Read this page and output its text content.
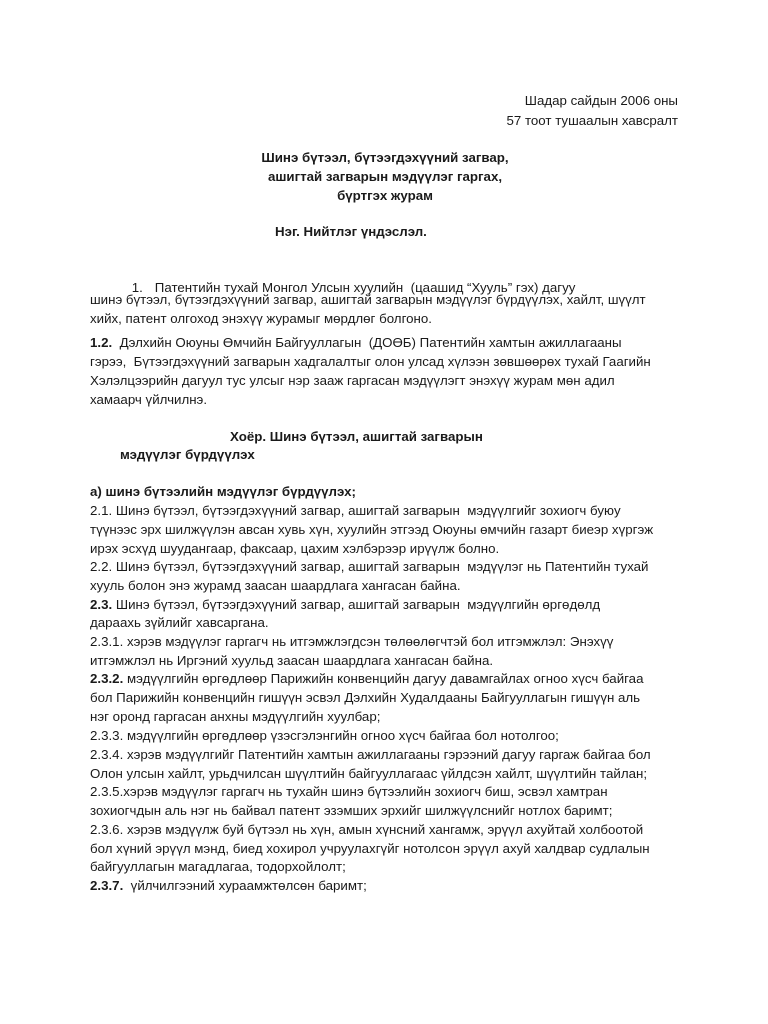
Шадар сайдын 2006 оны
57 тоот тушаалын хавсралт
Шинэ бүтээл, бүтээгдэхүүний загвар,
ашигтай загварын мэдүүлэг гаргах,
бүртгэх журам
Нэг. Нийтлэг үндэслэл.

1. Патентийн тухай Монгол Улсын хуулийн  (цаашид “Хууль” гэх) дагуу

шинэ бүтээл, бүтээгдэхүүний загвар, ашигтай загварын мэдүүлэг бүрдүүлэх, хайлт, шүүлт
хийх, патент олгоход энэхүү журамыг мөрдлөг болгоно.
1.2.  Дэлхийн Оюуны Өмчийн Байгууллагын  (ДОӨБ) Патентийн хамтын ажиллагааны
гэрээ,  Бүтээгдэхүүний загварын хадгалалтыг олон улсад хүлээн зөвшөөрөх тухай Гаагийн
Хэлэлцээрийн дагуул тус улсыг нэр зааж гаргасан мэдүүлэгт энэхүү журам мөн адил
хамаарч үйлчилнэ.
Хоёр. Шинэ бүтээл, ашигтай загварын
мэдүүлэг бүрдүүлэх
а) шинэ бүтээлийн мэдүүлэг бүрдүүлэх;
2.1. Шинэ бүтээл, бүтээгдэхүүний загвар, ашигтай загварын  мэдүүлгийг зохиогч буюу
түүнээс эрх шилжүүлэн авсан хувь хүн, хуулийн этгээд Оюуны өмчийн газарт биеэр хүргэж
ирэх эсхүд шуудангаар, факсаар, цахим хэлбэрээр ирүүлж болно.
2.2. Шинэ бүтээл, бүтээгдэхүүний загвар, ашигтай загварын  мэдүүлэг нь Патентийн тухай
хууль болон энэ журамд заасан шаардлага хангасан байна.
2.3. Шинэ бүтээл, бүтээгдэхүүний загвар, ашигтай загварын  мэдүүлгийн өргөдөлд
дараахь зүйлийг хавсаргана.
2.3.1. хэрэв мэдүүлэг гаргагч нь итгэмжлэгдсэн төлөөлөгчтэй бол итгэмжлэл: Энэхүү
итгэмжлэл нь Иргэний хуульд заасан шаардлага хангасан байна.
2.3.2. мэдүүлгийн өргөдлөөр Парижийн конвенцийн дагуу давамгайлах огноо хүсч байгаа
бол Парижийн конвенцийн гишүүн эсвэл Дэлхийн Худалдааны Байгууллагын гишүүн аль
нэг оронд гаргасан анхны мэдүүлгийн хуулбар;
2.3.3. мэдүүлгийн өргөдлөөр үзэсгэлэнгийн огноо хүсч байгаа бол нотолгоо;
2.3.4. хэрэв мэдүүлгийг Патентийн хамтын ажиллагааны гэрээний дагуу гаргаж байгаа бол
Олон улсын хайлт, урьдчилсан шүүлтийн байгууллагаас үйлдсэн хайлт, шүүлтийн тайлан;
2.3.5.хэрэв мэдүүлэг гаргагч нь тухайн шинэ бүтээлийн зохиогч биш, эсвэл хамтран
зохиогчдын аль нэг нь байвал патент эзэмших эрхийг шилжүүлснийг нотлох баримт;
2.3.6. хэрэв мэдүүлж буй бүтээл нь хүн, амын хүнсний хангамж, эрүүл ахуйтай холбоотой
бол хүний эрүүл мэнд, биед хохирол учруулахгүйг нотолсон эрүүл ахуй халдвар судлалын
байгууллагын магадлагаа, тодорхойлолт;
2.3.7.  үйлчилгээний хураамжтөлсөн баримт;
